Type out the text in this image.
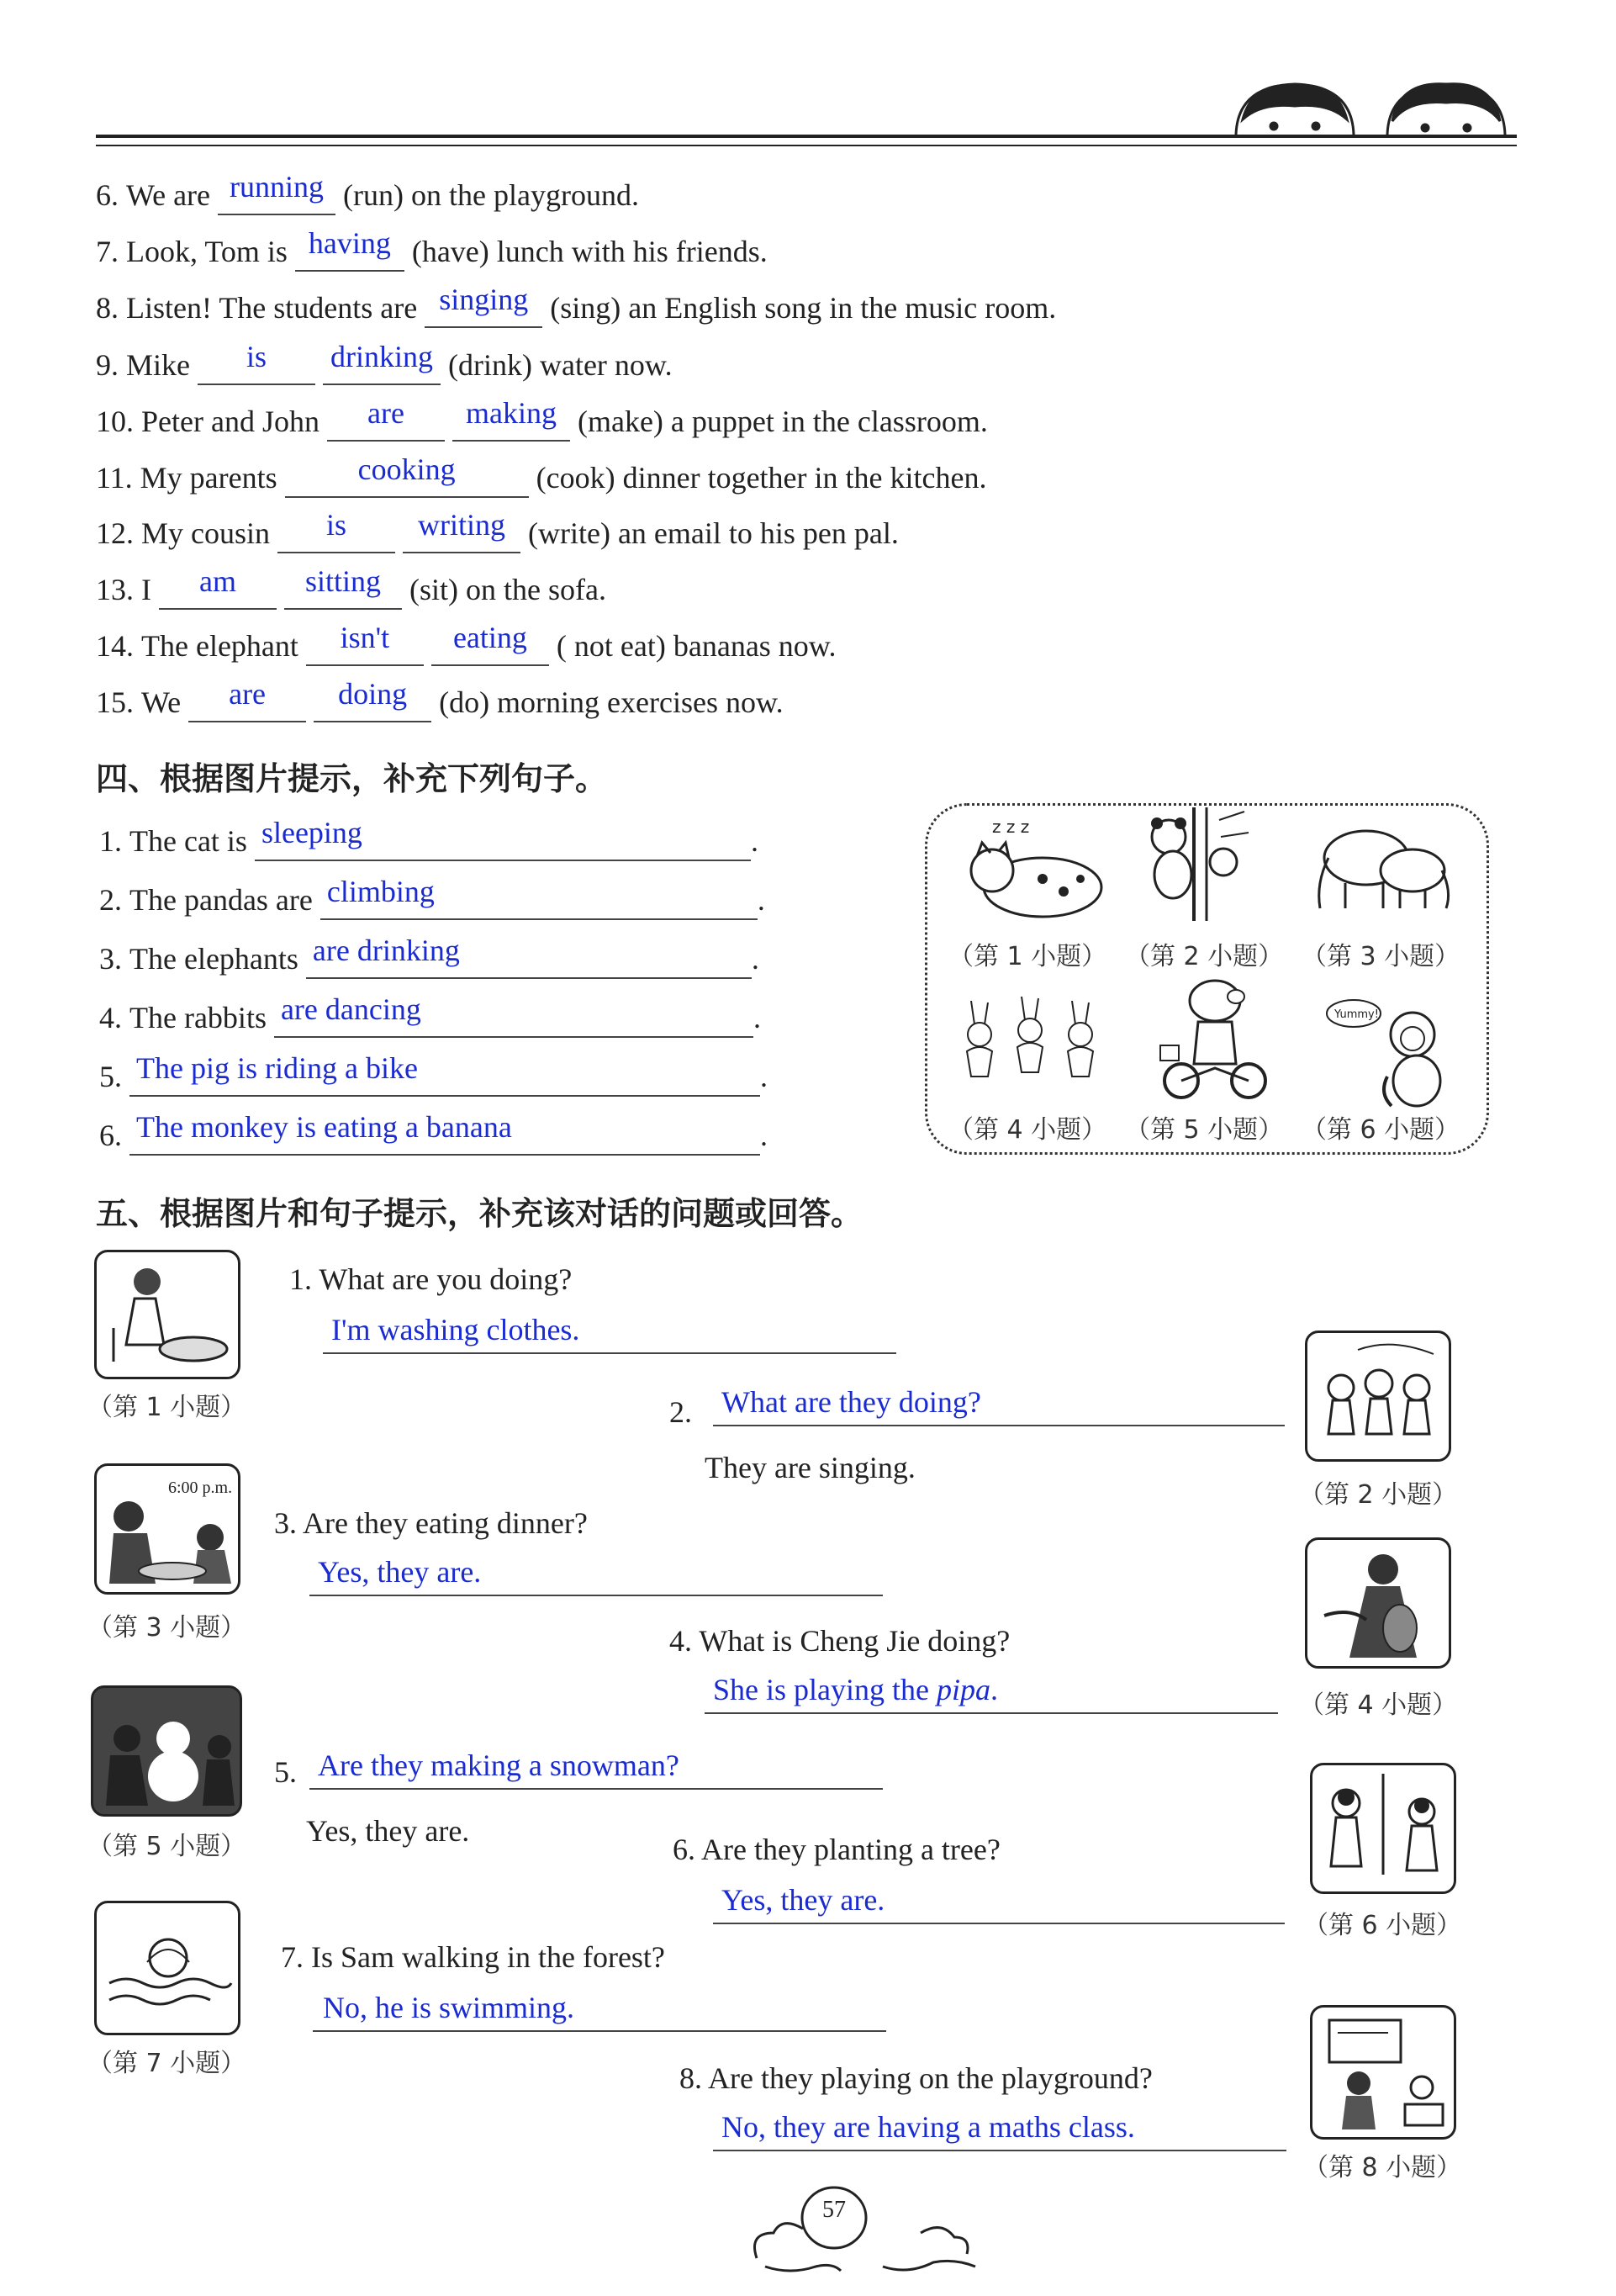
6. We are running (run) on the playground.
7. Look, Tom is having (have) lunch with his friends.
8. Listen! The students are singing (sing) an English song in the music room.
9. Mike is drinking (drink) water now.
10. Peter and John are making (make) a puppet in the classroom.
11. My parents	cooking	(cook) dinner together in the kitchen.
12. My cousin is writing (write) an email to his pen pal.
13. I am sitting (sit) on the sofa.
14. The elephant isn't eating ( not eat) bananas now.
15. We are doing (do) morning exercises now.
四、根据图片提示，补充下列句子。
1. The cat is sleeping	.
2. The pandas are climbing	.
3. The elephants are drinking	.
4. The rabbits are dancing	.
5. The pig is riding a bike	.
6. The monkey is eating a banana	.
z z z
Yummy!
（第 1 小题） （第 2 小题） （第 3 小题）
（第 4 小题） （第 5 小题） （第 6 小题）
五、根据图片和句子提示，补充该对话的问题或回答。
（第 1 小题）
1. What are you doing?
I'm washing clothes.
2. What are they doing?
They are singing.
（第 2 小题）
6:00 p.m.
（第 3 小题）
3. Are they eating dinner?
Yes, they are.
4. What is Cheng Jie doing?
She is playing the pipa.	（第 4 小题）
（第 5 小题）
5. Are they making a snowman?
Yes, they are.
6. Are they planting a tree?
Yes, they are.
（第 6 小题）
（第 7 小题）
7. Is Sam walking in the forest?
No, he is swimming.
8. Are they playing on the playground?
No, they are having a maths class.
（第 8 小题）
57
